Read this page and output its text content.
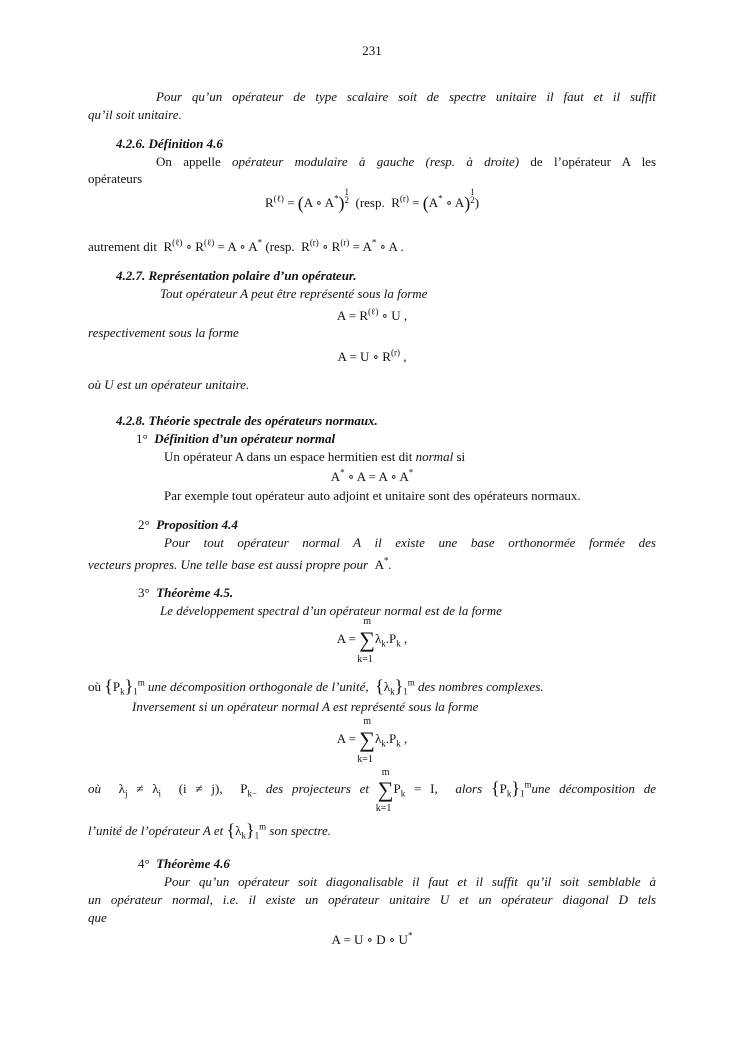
231
Pour qu’un opérateur de type scalaire soit de spectre unitaire il faut et il suffit
qu’il soit unitaire.
4.2.6. Définition 4.6
On appelle opérateur modulaire à gauche (resp. à droite) de l’opérateur A les
opérateurs
$R^{(\ell)} = (A$ ∘ A*)
1
2 (resp.  $R^{(r)} = (A^*$ ∘ A)
1
2 )
autrement dit  $R^{(\ell)}$ ∘ $R^{(\ell)} = A$ ∘ A* (resp.  $R^{(r)}$ ∘ $R^{(r)} = A^*$ ∘ A .
4.2.7. Représentation polaire d’un opérateur.
Tout opérateur A peut être représenté sous la forme
$A = R^{(\ell)}$ ∘ U ,
respectivement sous la forme
A = U ∘ $R^{(r)}$ ,
où U est un opérateur unitaire.
4.2.8. Théorie spectrale des opérateurs normaux.
1° Définition d’un opérateur normal
Un opérateur A dans un espace hermitien est dit normal si
A* ∘ A = A ∘ A*
Par exemple tout opérateur auto adjoint et unitaire sont des opérateurs normaux.
2° Proposition 4.4
Pour tout opérateur normal A il existe une base orthonormée formée des
vecteurs propres. Une telle base est aussi propre pour A*.
3° Théorème 4.5.
Le développement spectral d’un opérateur normal est de la forme
A =
m
∑
k=1
$\lambda_k.P_k$ ,
où $\{P_k\}_1^m$ une décomposition orthogonale de l’unité, $\{\lambda_k\}_1^m$ des nombres complexes.
Inversement si un opérateur normal A est représenté sous la forme
A =
m
∑
k=1
$\lambda_k.P_k$ ,
où  $\lambda_j \ne \lambda_i$  (i ≠ j),  $P_{k-}$ des projecteurs et
m
∑
k=1
$P_k = I$,  alors $\{P_k\}_1^mune$ décomposition de
l’unité de l’opérateur A et $\{\lambda_k\}_1^m$ son spectre.
4° Théorème 4.6
Pour qu’un opérateur soit diagonalisable il faut et il suffit qu’il soit semblable à
un opérateur normal, i.e. il existe un opérateur unitaire U et un opérateur diagonal D tels
que
A = U ∘ D ∘ U*
